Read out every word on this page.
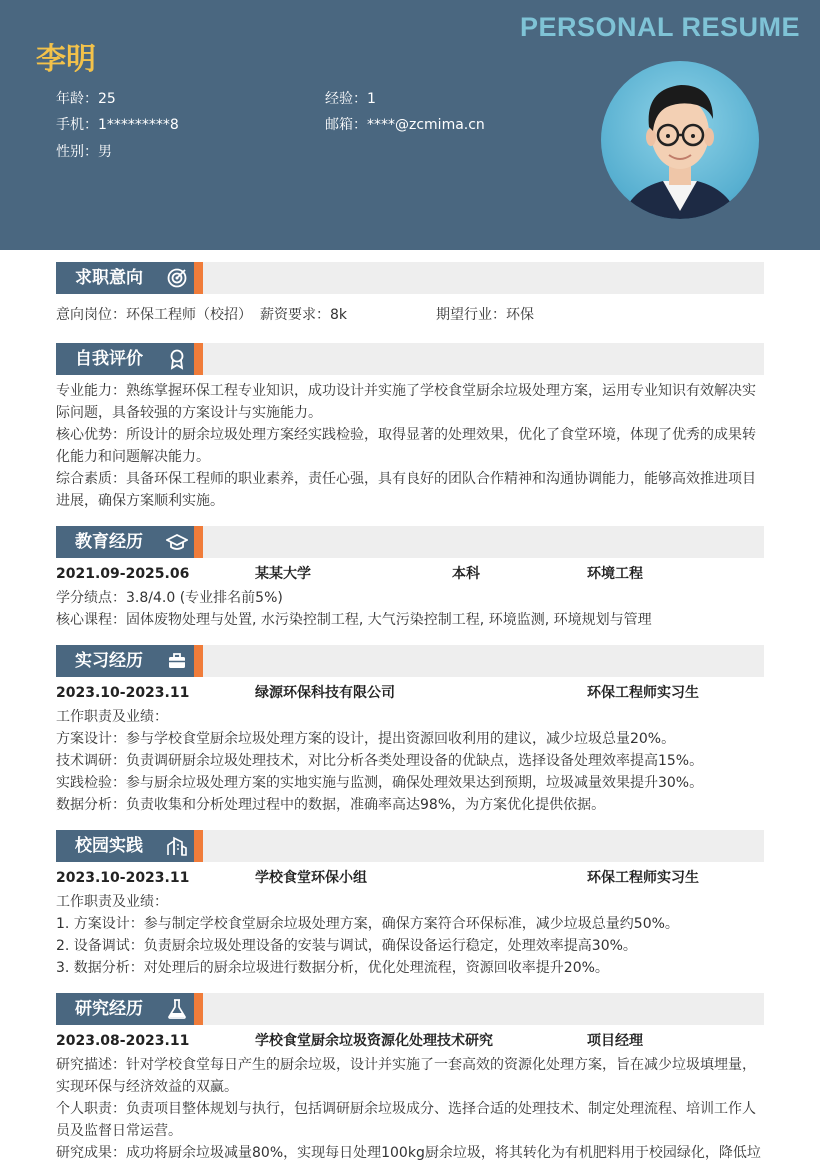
PERSONAL RESUME
李明
年龄：25	经验：1
手机：1*********8	邮箱：****@zcmima.cn
性别：男
求职意向
意向岗位：环保工程师（校招） 薪资要求：8k	期望行业：环保
自我评价
专业能力：熟练掌握环保工程专业知识，成功设计并实施了学校食堂厨余垃圾处理方案，运用专业知识有效解决实
际问题，具备较强的方案设计与实施能力。
核心优势：所设计的厨余垃圾处理方案经实践检验，取得显著的处理效果，优化了食堂环境，体现了优秀的成果转
化能力和问题解决能力。
综合素质：具备环保工程师的职业素养，责任心强，具有良好的团队合作精神和沟通协调能力，能够高效推进项目
进展，确保方案顺利实施。
教育经历
2021.09-2025.06	某某大学	本科	环境工程
学分绩点：3.8/4.0 (专业排名前5%)
核心课程：固体废物处理与处置, 水污染控制工程, 大气污染控制工程, 环境监测, 环境规划与管理
实习经历
2023.10-2023.11	绿源环保科技有限公司	环保工程师实习生
工作职责及业绩：
方案设计：参与学校食堂厨余垃圾处理方案的设计，提出资源回收利用的建议，减少垃圾总量20%。
技术调研：负责调研厨余垃圾处理技术，对比分析各类处理设备的优缺点，选择设备处理效率提高15%。
实践检验：参与厨余垃圾处理方案的实地实施与监测，确保处理效果达到预期，垃圾减量效果提升30%。
数据分析：负责收集和分析处理过程中的数据，准确率高达98%，为方案优化提供依据。
校园实践
2023.10-2023.11	学校食堂环保小组	环保工程师实习生
工作职责及业绩：
1. 方案设计：参与制定学校食堂厨余垃圾处理方案，确保方案符合环保标准，减少垃圾总量约50%。
2. 设备调试：负责厨余垃圾处理设备的安装与调试，确保设备运行稳定，处理效率提高30%。
3. 数据分析：对处理后的厨余垃圾进行数据分析，优化处理流程，资源回收率提升20%。
研究经历
2023.08-2023.11	学校食堂厨余垃圾资源化处理技术研究	项目经理
研究描述：针对学校食堂每日产生的厨余垃圾，设计并实施了一套高效的资源化处理方案，旨在减少垃圾填埋量，
实现环保与经济效益的双赢。
个人职责：负责项目整体规划与执行，包括调研厨余垃圾成分、选择合适的处理技术、制定处理流程、培训工作人
员及监督日常运营。
研究成果：成功将厨余垃圾减量80%，实现每日处理100kg厨余垃圾，将其转化为有机肥料用于校园绿化，降低垃
